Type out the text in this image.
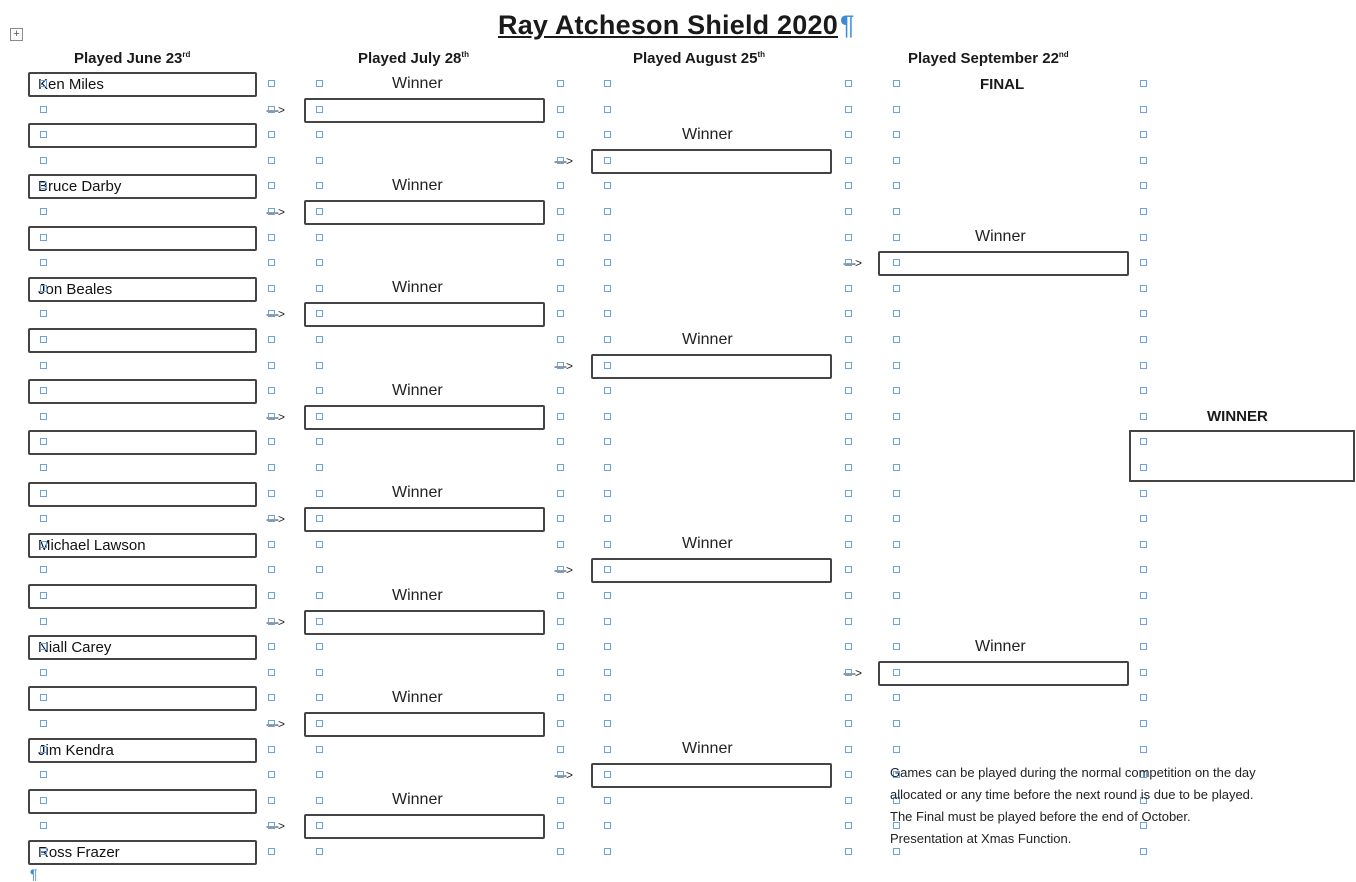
+	Ray Atcheson Shield 2020¶
Played June 23rd	Played July 28th	Played August 25th	Played September 22nd
FINAL
WINNER
Ken Miles
Bruce Darby
Jon Beales
Michael Lawson
Niall Carey
Jim Kendra
Ross Frazer
---->
Winner
---->
Winner
---->
Winner
---->
Winner
---->
Winner
---->
Winner
---->
Winner
---->
Winner
---->
Winner
---->
Winner
---->
Winner
---->
Winner
---->
Winner
---->
Winner
Games can be played during the normal competition on the day
allocated or any time before the next round is due to be played.
The Final must be played before the end of October.
Presentation at Xmas Function.
¶
